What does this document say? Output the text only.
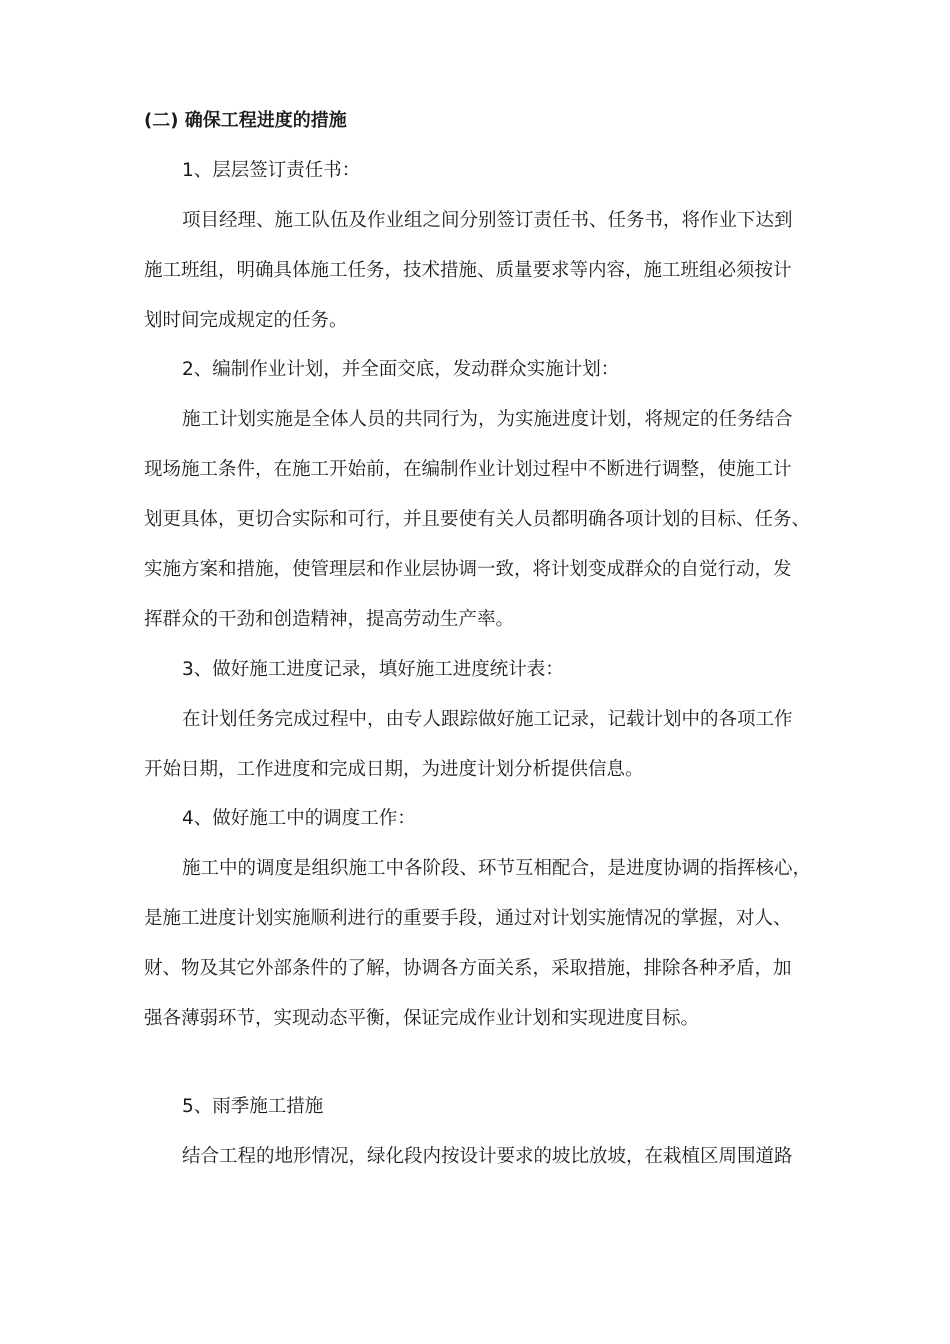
(二) 确保工程进度的措施
1、层层签订责任书：
项目经理、施工队伍及作业组之间分别签订责任书、任务书，将作业下达到
施工班组，明确具体施工任务，技术措施、质量要求等内容，施工班组必须按计
划时间完成规定的任务。
2、编制作业计划，并全面交底，发动群众实施计划：
施工计划实施是全体人员的共同行为，为实施进度计划，将规定的任务结合
现场施工条件，在施工开始前，在编制作业计划过程中不断进行调整，使施工计
划更具体，更切合实际和可行，并且要使有关人员都明确各项计划的目标、任务、
实施方案和措施，使管理层和作业层协调一致，将计划变成群众的自觉行动，发
挥群众的干劲和创造精神，提高劳动生产率。
3、做好施工进度记录，填好施工进度统计表：
在计划任务完成过程中，由专人跟踪做好施工记录，记载计划中的各项工作
开始日期，工作进度和完成日期，为进度计划分析提供信息。
4、做好施工中的调度工作：
施工中的调度是组织施工中各阶段、环节互相配合，是进度协调的指挥核心，
是施工进度计划实施顺利进行的重要手段，通过对计划实施情况的掌握，对人、
财、物及其它外部条件的了解，协调各方面关系，采取措施，排除各种矛盾，加
强各薄弱环节，实现动态平衡，保证完成作业计划和实现进度目标。
5、雨季施工措施
结合工程的地形情况，绿化段内按设计要求的坡比放坡，在栽植区周围道路
